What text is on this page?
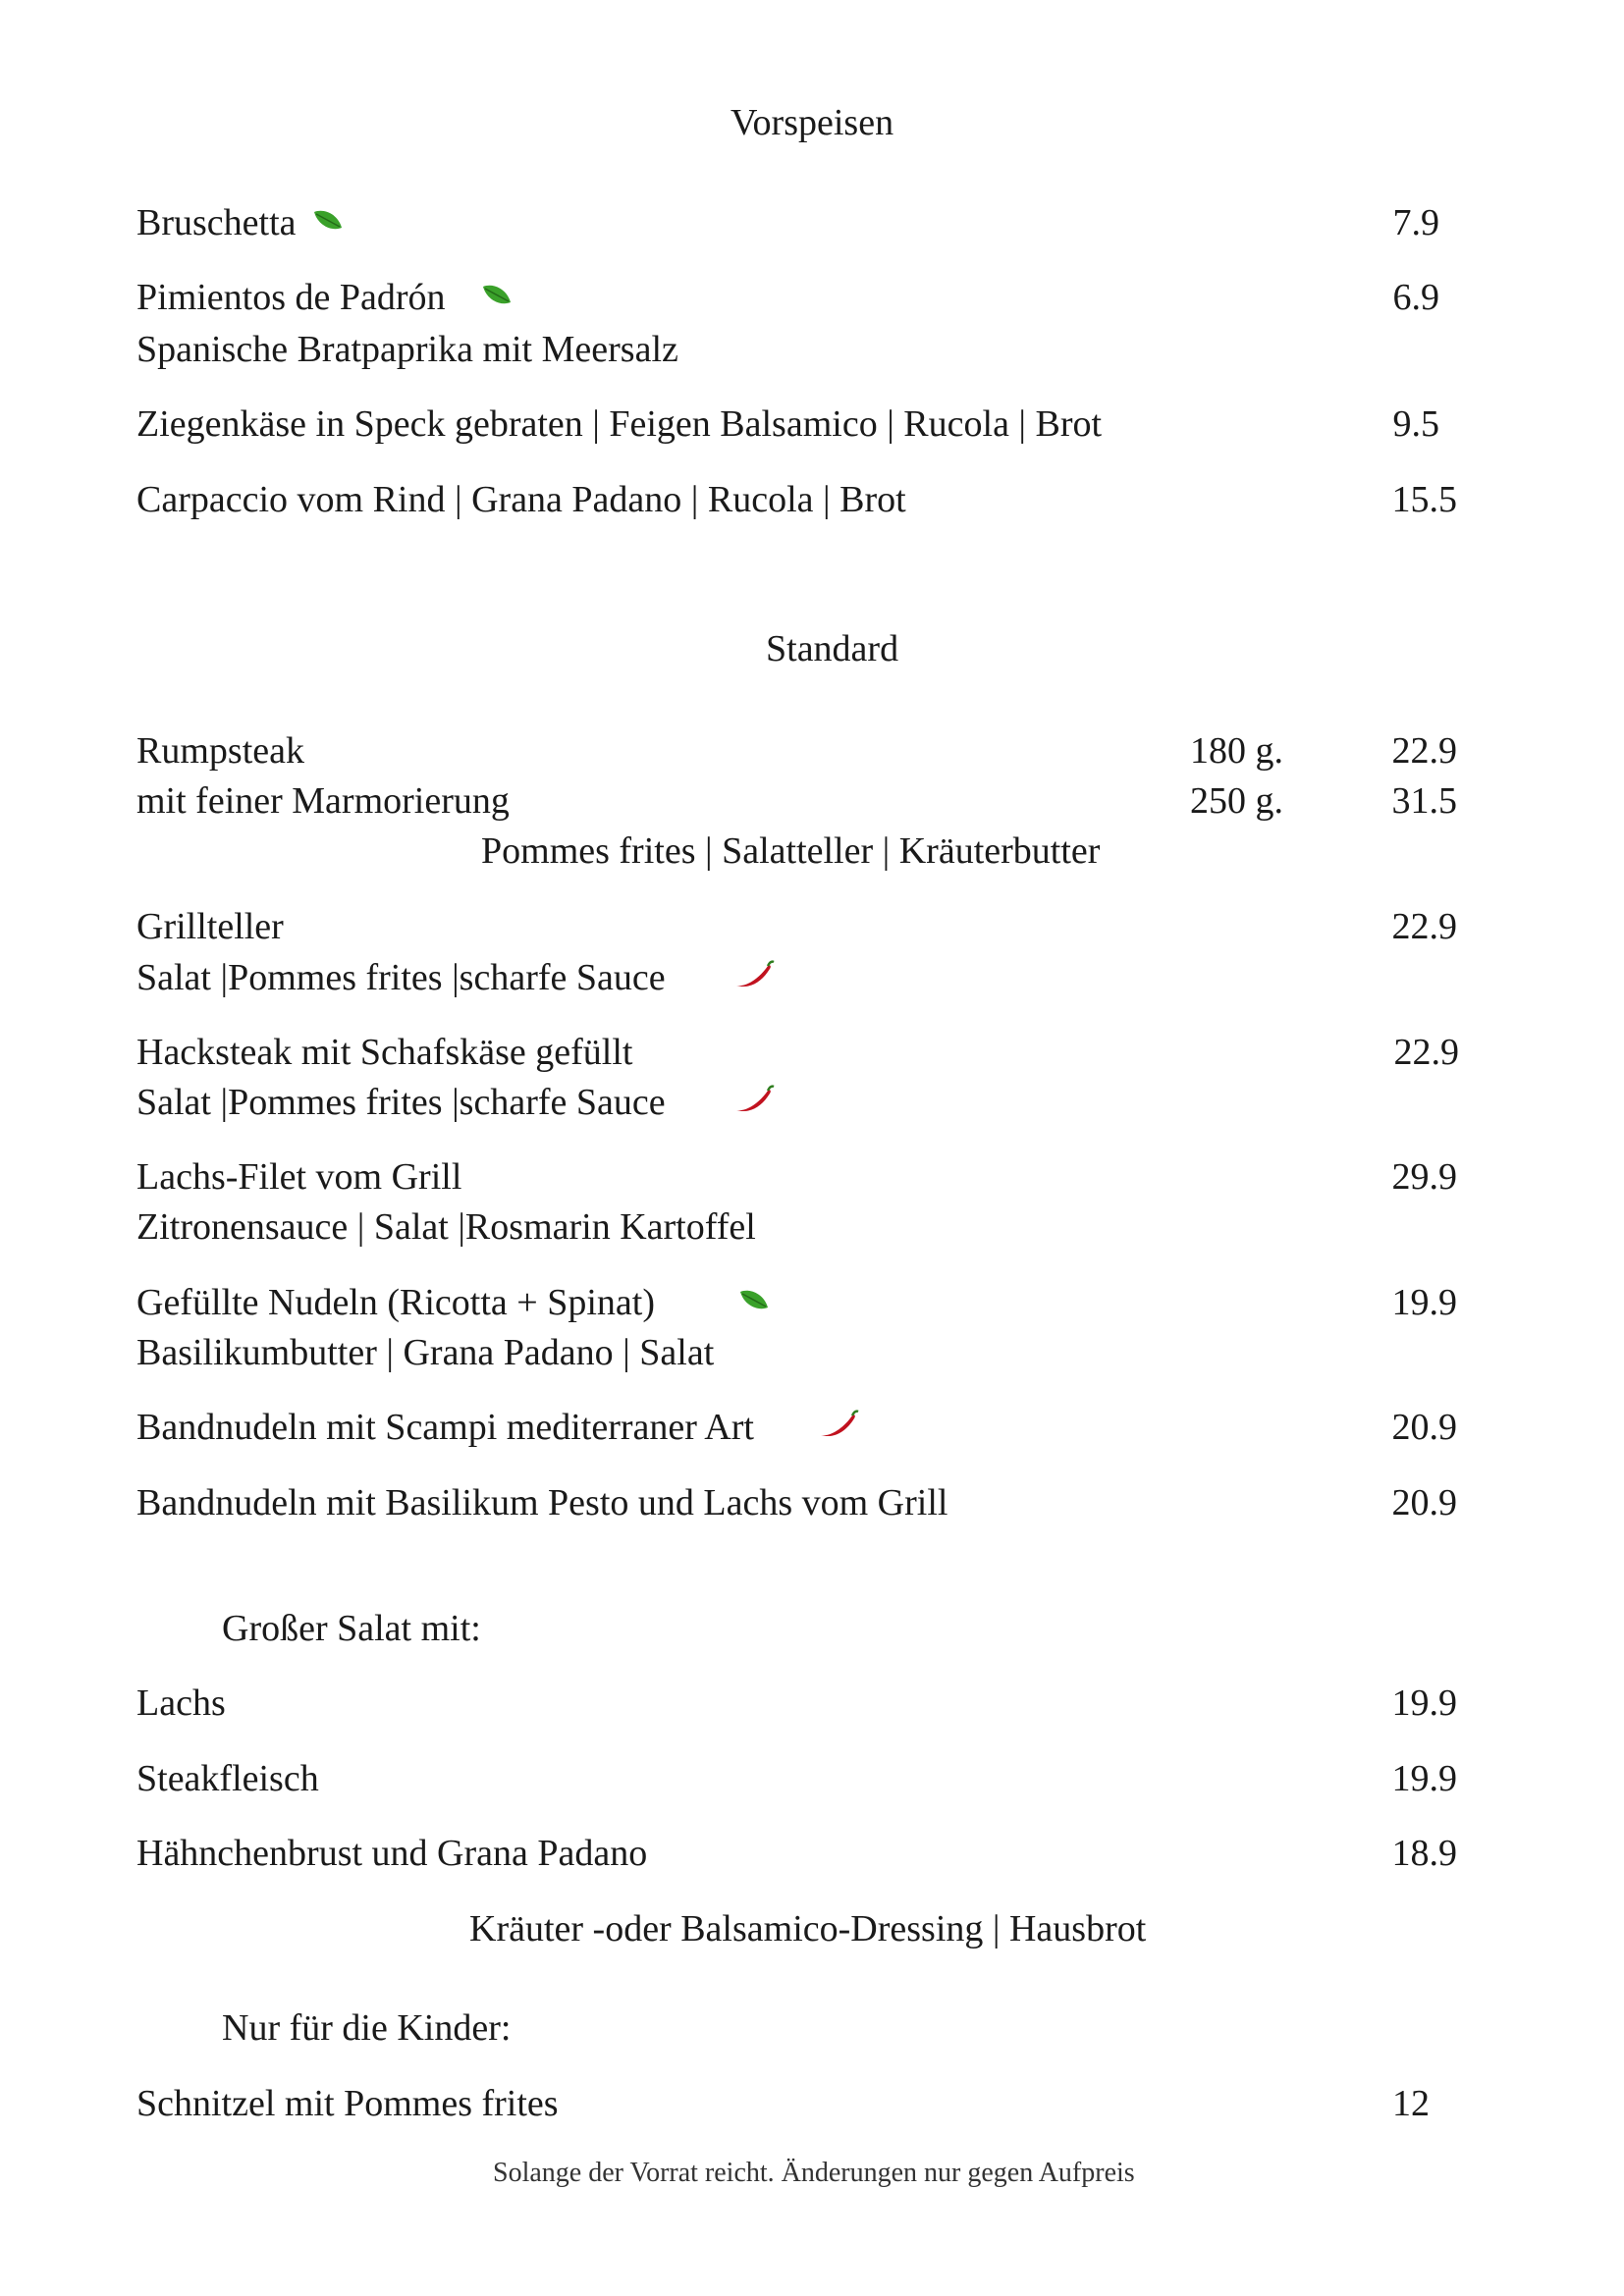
Vorspeisen
Bruschetta	7.9
Pimientos de Padrón	6.9
Spanische Bratpaprika mit Meersalz
Ziegenkäse in Speck gebraten | Feigen Balsamico | Rucola | Brot	9.5
Carpaccio vom Rind | Grana Padano | Rucola | Brot	15.5
Standard
Rumpsteak	180 g.	22.9
mit feiner Marmorierung	250 g.	31.5
Pommes frites | Salatteller | Kräuterbutter
Grillteller	22.9
Salat |Pommes frites |scharfe Sauce
Hacksteak mit Schafskäse gefüllt	22.9
Salat |Pommes frites |scharfe Sauce
Lachs-Filet vom Grill	29.9
Zitronensauce | Salat |Rosmarin Kartoffel
Gefüllte Nudeln (Ricotta + Spinat)	19.9
Basilikumbutter | Grana Padano | Salat
Bandnudeln mit Scampi mediterraner Art	20.9
Bandnudeln mit Basilikum Pesto und Lachs vom Grill	20.9
Großer Salat mit:
Lachs	19.9
Steakfleisch	19.9
Hähnchenbrust und Grana Padano	18.9
Kräuter -oder Balsamico-Dressing | Hausbrot
Nur für die Kinder:
Schnitzel mit Pommes frites	12
Solange der Vorrat reicht. Änderungen nur gegen Aufpreis
